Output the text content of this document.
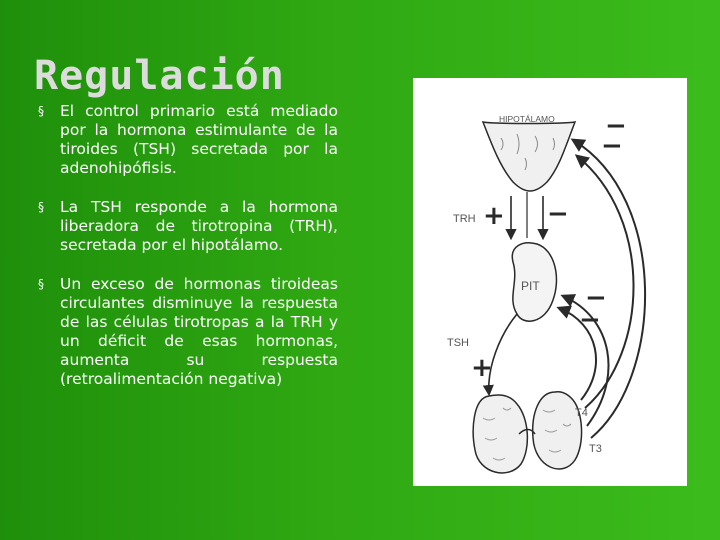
Regulación
§ El control primario está mediado por la hormona estimulante de la tiroides (TSH) secretada por la adenohipófisis.
§ La TSH responde a la hormona liberadora de tirotropina (TRH), secretada por el hipotálamo.
§ Un exceso de hormonas tiroideas circulantes disminuye la respuesta de las células tirotropas a la TRH y un déficit de esas hormonas, aumenta su respuesta (retroalimentación negativa)
HIPOTÁLAMO
PIT
TRH + −
TSH
+
T4
T3
−
−
−
−
